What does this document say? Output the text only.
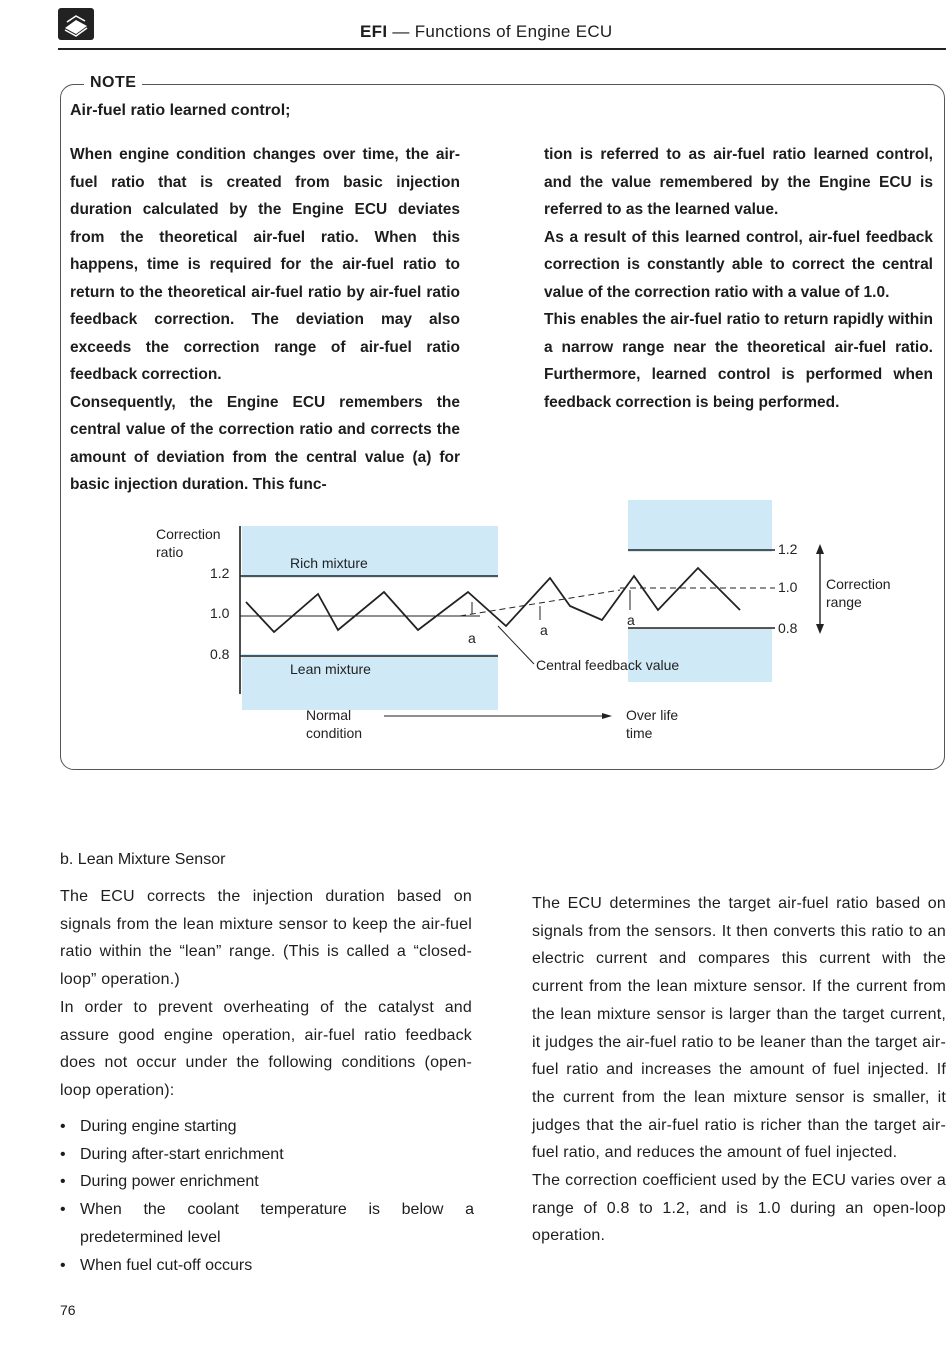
EFI — Functions of Engine ECU
NOTE
Air-fuel ratio learned control;

When engine condition changes over time, the air-fuel ratio that is created from basic injection duration calculated by the Engine ECU deviates from the theoretical air-fuel ratio. When this happens, time is required for the air-fuel ratio to return to the theoretical air-fuel ratio by air-fuel ratio feedback correction. The deviation may also exceeds the correction range of air-fuel ratio feedback correction.

Consequently, the Engine ECU remembers the central value of the correction ratio and corrects the amount of deviation from the central value (a) for basic injection duration. This func-

tion is referred to as air-fuel ratio learned control, and the value remembered by the Engine ECU is referred to as the learned value.

As a result of this learned control, air-fuel feedback correction is constantly able to correct the central value of the correction ratio with a value of 1.0.

This enables the air-fuel ratio to return rapidly within a narrow range near the theoretical air-fuel ratio. Furthermore, learned control is performed when feedback correction is being performed.

Correction
ratio
1.2
1.0
0.8
Rich mixture
Lean mixture
1.2
1.0
0.8
Correction
range
a	a
a
Central feedback value
Normal
condition
Over life
time
b. Lean Mixture Sensor

The ECU corrects the injection duration based on signals from the lean mixture sensor to keep the air-fuel ratio within the “lean” range. (This is called a “closed-loop” operation.)

In order to prevent overheating of the catalyst and assure good engine operation, air-fuel ratio feedback does not occur under the following conditions (open-loop operation):

• During engine starting
• During after-start enrichment
• During power enrichment
• When the coolant temperature is below a predetermined level
• When fuel cut-off occurs

The ECU determines the target air-fuel ratio based on signals from the sensors. It then converts this ratio to an electric current and compares this current with the current from the lean mixture sensor. If the current from the lean mixture sensor is larger than the target current, it judges the air-fuel ratio to be leaner than the target air-fuel ratio and increases the amount of fuel injected. If the current from the lean mixture sensor is smaller, it judges that the air-fuel ratio is richer than the target air-fuel ratio, and reduces the amount of fuel injected.

The correction coefficient used by the ECU varies over a range of 0.8 to 1.2, and is 1.0 during an open-loop operation.

76
